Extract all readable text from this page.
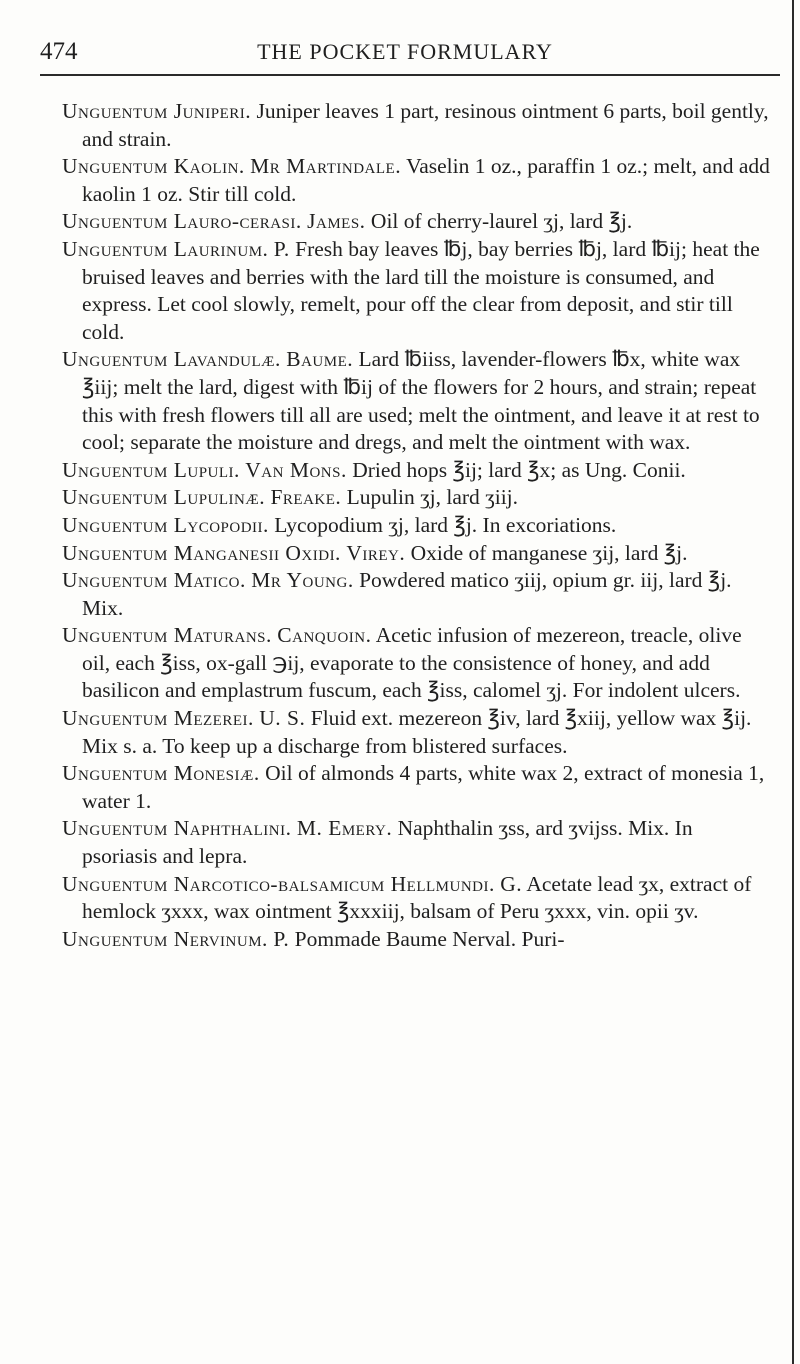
474	THE POCKET FORMULARY

Unguentum Juniperi. Juniper leaves 1 part, resinous ointment 6 parts, boil gently, and strain.

Unguentum Kaolin. Mr Martindale. Vaselin 1 oz., paraffin 1 oz.; melt, and add kaolin 1 oz. Stir till cold.

Unguentum Lauro-cerasi. James. Oil of cherry-laurel ʒj, lard ℥j.

Unguentum Laurinum. P. Fresh bay leaves ℔j, bay berries ℔j, lard ℔ij; heat the bruised leaves and berries with the lard till the moisture is consumed, and express. Let cool slowly, remelt, pour off the clear from deposit, and stir till cold.

Unguentum Lavandulæ. Baume. Lard ℔iiss, lavender-flowers ℔x, white wax ℥iij; melt the lard, digest with ℔ij of the flowers for 2 hours, and strain; repeat this with fresh flowers till all are used; melt the ointment, and leave it at rest to cool; separate the moisture and dregs, and melt the ointment with wax.

Unguentum Lupuli. Van Mons. Dried hops ℥ij; lard ℥x; as Ung. Conii.

Unguentum Lupulinæ. Freake. Lupulin ʒj, lard ʒiij.

Unguentum Lycopodii. Lycopodium ʒj, lard ℥j. In excoriations.

Unguentum Manganesii Oxidi. Virey. Oxide of manganese ʒij, lard ℥j.

Unguentum Matico. Mr Young. Powdered matico ʒiij, opium gr. iij, lard ℥j. Mix.

Unguentum Maturans. Canquoin. Acetic infusion of mezereon, treacle, olive oil, each ℥iss, ox-gall ℈ij, evaporate to the consistence of honey, and add basilicon and emplastrum fuscum, each ℥iss, calomel ʒj. For indolent ulcers.

Unguentum Mezerei. U. S. Fluid ext. mezereon ℥iv, lard ℥xiij, yellow wax ℥ij. Mix s. a. To keep up a discharge from blistered surfaces.

Unguentum Monesiæ. Oil of almonds 4 parts, white wax 2, extract of monesia 1, water 1.

Unguentum Naphthalini. M. Emery. Naphthalin ʒss, ard ʒvijss. Mix. In psoriasis and lepra.

Unguentum Narcotico-balsamicum Hellmundi. G. Acetate lead ʒx, extract of hemlock ʒxxx, wax ointment ℥xxxiij, balsam of Peru ʒxxx, vin. opii ʒv.

Unguentum Nervinum. P. Pommade Baume Nerval. Puri-
